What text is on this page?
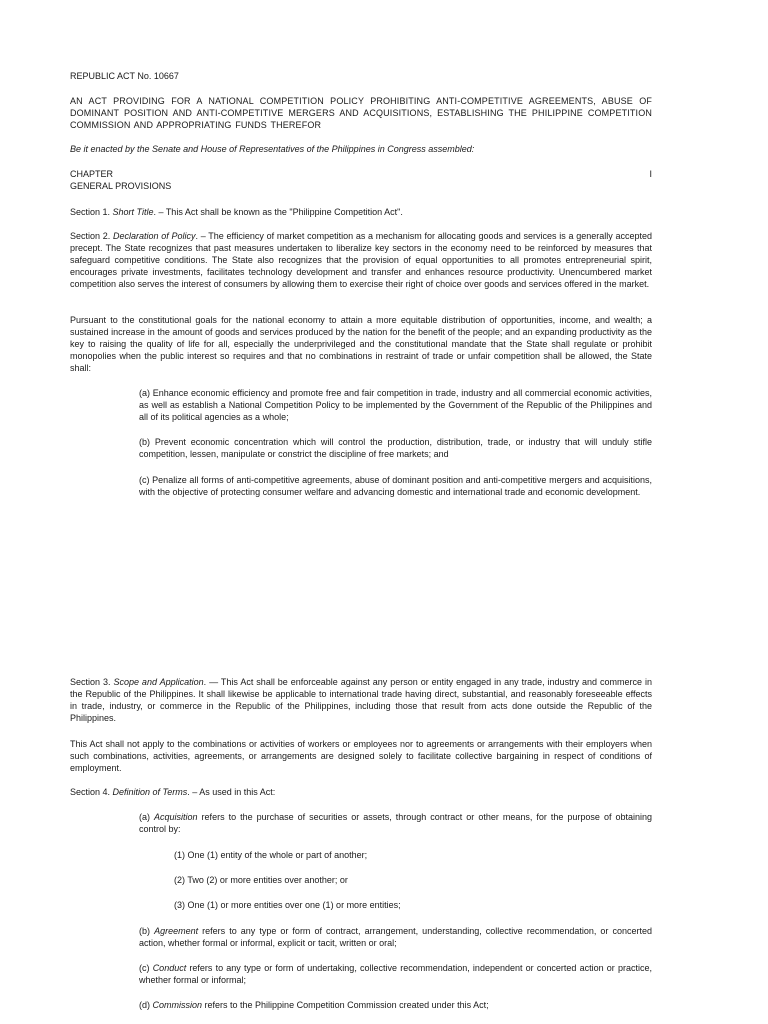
REPUBLIC ACT No. 10667

AN ACT PROVIDING FOR A NATIONAL COMPETITION POLICY PROHIBITING ANTI-COMPETITIVE AGREEMENTS, ABUSE OF DOMINANT POSITION AND ANTI-COMPETITIVE MERGERS AND ACQUISITIONS, ESTABLISHING THE PHILIPPINE COMPETITION COMMISSION AND APPROPRIATING FUNDS THEREFOR

Be it enacted by the Senate and House of Representatives of the Philippines in Congress assembled:

CHAPTER	I

GENERAL PROVISIONS

Section 1. Short Title. – This Act shall be known as the "Philippine Competition Act".

Section 2. Declaration of Policy. – The efficiency of market competition as a mechanism for allocating goods and services is a generally accepted precept. The State recognizes that past measures undertaken to liberalize key sectors in the economy need to be reinforced by measures that safeguard competitive conditions. The State also recognizes that the provision of equal opportunities to all promotes entrepreneurial spirit, encourages private investments, facilitates technology development and transfer and enhances resource productivity. Unencumbered market competition also serves the interest of consumers by allowing them to exercise their right of choice over goods and services offered in the market.

Pursuant to the constitutional goals for the national economy to attain a more equitable distribution of opportunities, income, and wealth; a sustained increase in the amount of goods and services produced by the nation for the benefit of the people; and an expanding productivity as the key to raising the quality of life for all, especially the underprivileged and the constitutional mandate that the State shall regulate or prohibit monopolies when the public interest so requires and that no combinations in restraint of trade or unfair competition shall be allowed, the State shall:

(a) Enhance economic efficiency and promote free and fair competition in trade, industry and all commercial economic activities, as well as establish a National Competition Policy to be implemented by the Government of the Republic of the Philippines and all of its political agencies as a whole;

(b) Prevent economic concentration which will control the production, distribution, trade, or industry that will unduly stifle competition, lessen, manipulate or constrict the discipline of free markets; and

(c) Penalize all forms of anti-competitive agreements, abuse of dominant position and anti-competitive mergers and acquisitions, with the objective of protecting consumer welfare and advancing domestic and international trade and economic development.

Section 3. Scope and Application. — This Act shall be enforceable against any person or entity engaged in any trade, industry and commerce in the Republic of the Philippines. It shall likewise be applicable to international trade having direct, substantial, and reasonably foreseeable effects in trade, industry, or commerce in the Republic of the Philippines, including those that result from acts done outside the Republic of the Philippines.

This Act shall not apply to the combinations or activities of workers or employees nor to agreements or arrangements with their employers when such combinations, activities, agreements, or arrangements are designed solely to facilitate collective bargaining in respect of conditions of employment.

Section 4. Definition of Terms. – As used in this Act:

(a) Acquisition refers to the purchase of securities or assets, through contract or other means, for the purpose of obtaining control by:

(1) One (1) entity of the whole or part of another;

(2) Two (2) or more entities over another; or

(3) One (1) or more entities over one (1) or more entities;

(b) Agreement refers to any type or form of contract, arrangement, understanding, collective recommendation, or concerted action, whether formal or informal, explicit or tacit, written or oral;

(c) Conduct refers to any type or form of undertaking, collective recommendation, independent or concerted action or practice, whether formal or informal;

(d) Commission refers to the Philippine Competition Commission created under this Act;
